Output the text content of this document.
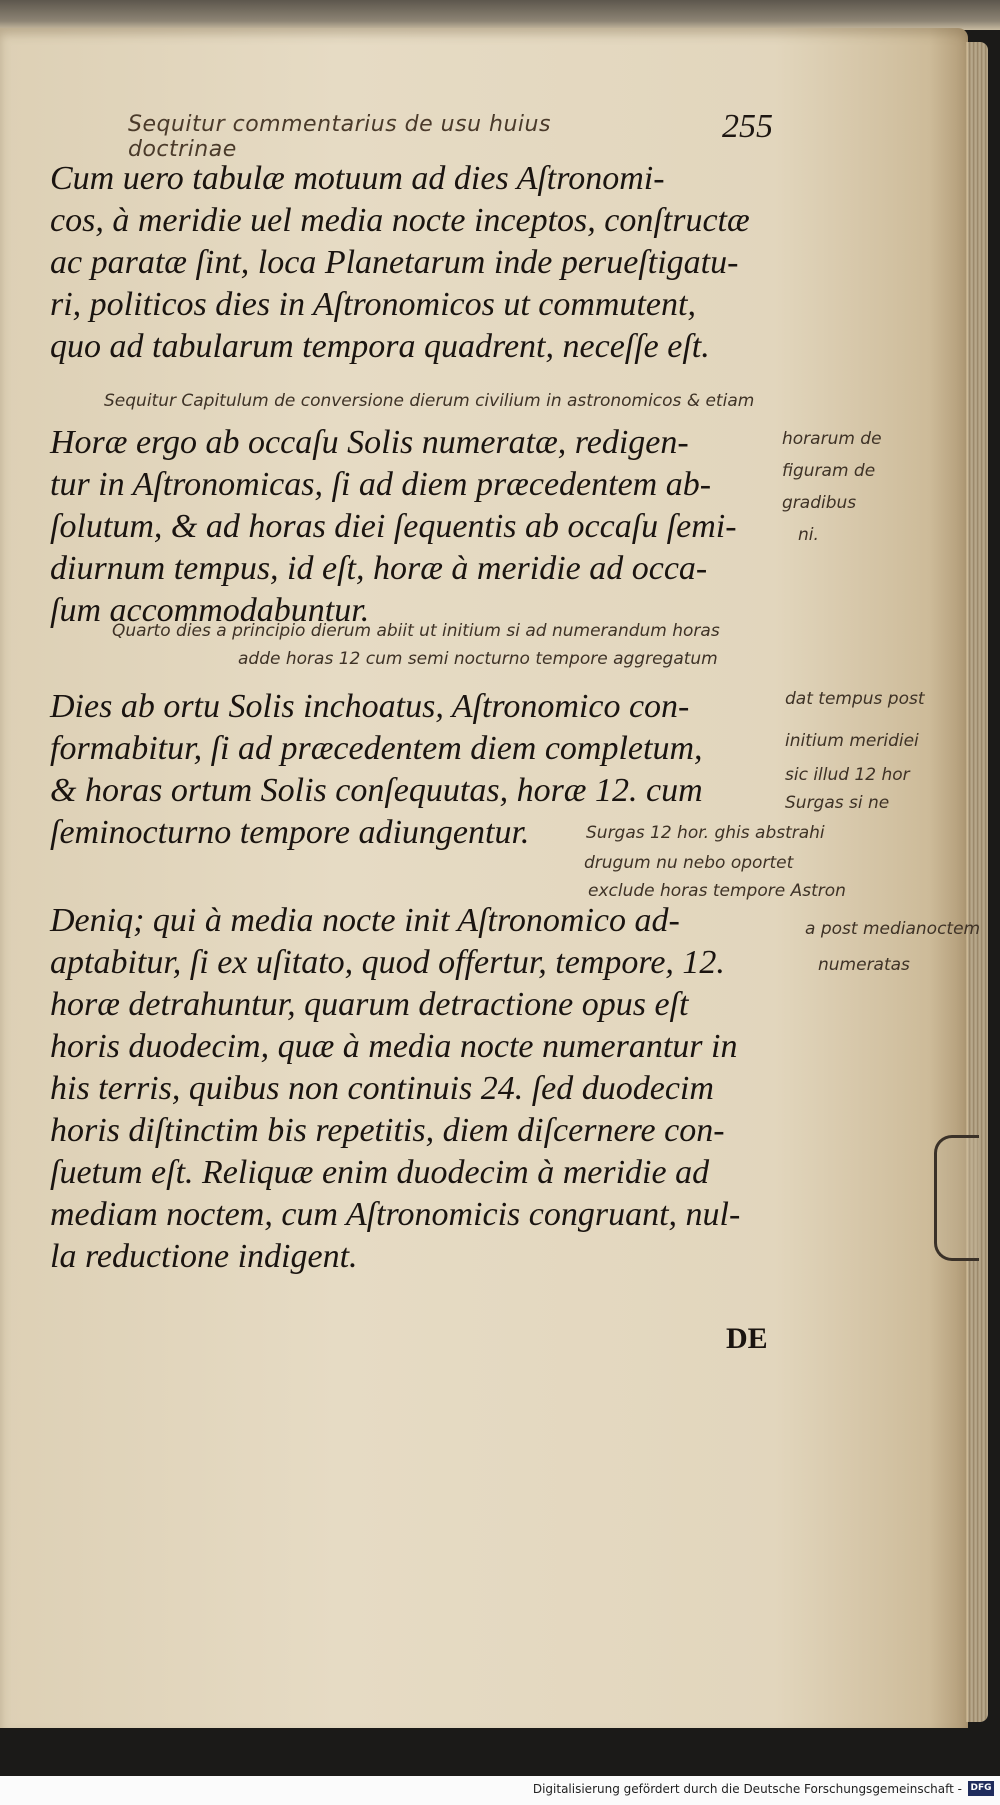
Sequitur commentarius de usu huius doctrinae
255
Cum uero tabulæ motuum ad dies Aſtronomi-
cos, à meridie uel media nocte inceptos, conſtructæ
ac paratæ ſint, loca Planetarum inde perueſtigatu-
ri, politicos dies in Aſtronomicos ut commutent,
quo ad tabularum tempora quadrent, neceſſe eſt.
Horæ ergo ab occaſu Solis numeratæ, redigen-
tur in Aſtronomicas, ſi ad diem præcedentem ab-
ſolutum, & ad horas diei ſequentis ab occaſu ſemi-
diurnum tempus, id eſt, horæ à meridie ad occa-
ſum accommodabuntur.
Dies ab ortu Solis inchoatus, Aſtronomico con-
formabitur, ſi ad præcedentem diem completum,
& horas ortum Solis conſequutas, horæ 12. cum
ſeminocturno tempore adiungentur.
Deniq; qui à media nocte init Aſtronomico ad-
aptabitur, ſi ex uſitato, quod offertur, tempore, 12.
horæ detrahuntur, quarum detractione opus eſt
horis duodecim, quæ à media nocte numerantur in
his terris, quibus non continuis 24. ſed duodecim
horis diſtinctim bis repetitis, diem diſcernere con-
ſuetum eſt. Reliquæ enim duodecim à meridie ad
mediam noctem, cum Aſtronomicis congruant, nul-
la reductione indigent.
DE
Sequitur Capitulum de conversione dierum civilium in astronomicos & etiam
horarum de
figuram de
gradibus
ni.
Quarto dies a principio dierum abiit ut initium si ad numerandum horas
adde horas 12 cum semi nocturno tempore aggregatum
dat tempus post
initium meridiei
sic illud 12 hor
Surgas si ne
Surgas 12 hor. ghis abstrahi
drugum nu nebo oportet
exclude horas tempore Astron
a post medianoctem
numeratas
Digitalisierung gefördert durch die Deutsche Forschungsgemeinschaft - DFG
